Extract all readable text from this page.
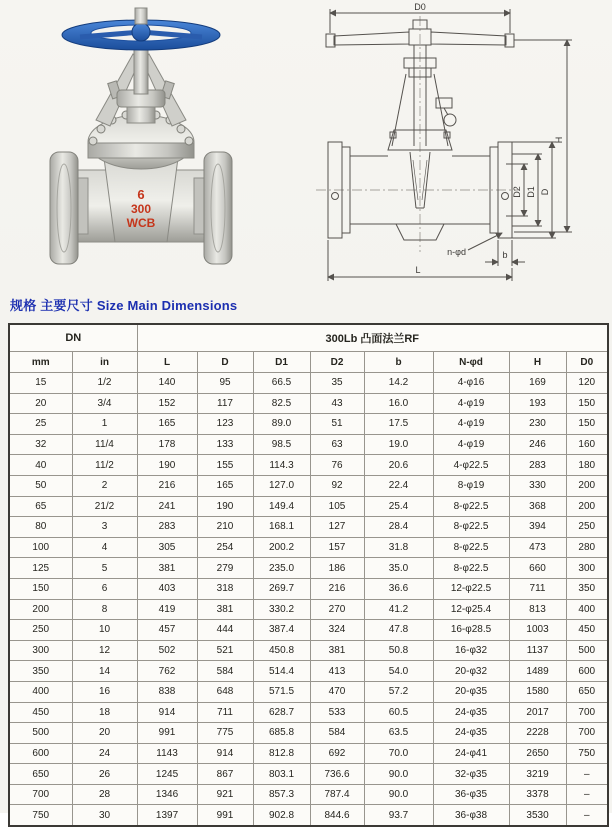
6
300
WCB
D0
H
D2 D1 D
n-φd	b
L
规格 主要尺寸 Size Main Dimensions
DN		300Lb 凸面法兰RF							
mm	in	L	D	D1	D2	b	N-φd	H	D0
15	1/2	140	95	66.5	35	14.2	4-φ16	169	120
20	3/4	152	117	82.5	43	16.0	4-φ19	193	150
25	1	165	123	89.0	51	17.5	4-φ19	230	150
32	11/4	178	133	98.5	63	19.0	4-φ19	246	160
40	11/2	190	155	114.3	76	20.6	4-φ22.5	283	180
50	2	216	165	127.0	92	22.4	8-φ19	330	200
65	21/2	241	190	149.4	105	25.4	8-φ22.5	368	200
80	3	283	210	168.1	127	28.4	8-φ22.5	394	250
100	4	305	254	200.2	157	31.8	8-φ22.5	473	280
125	5	381	279	235.0	186	35.0	8-φ22.5	660	300
150	6	403	318	269.7	216	36.6	12-φ22.5	711	350
200	8	419	381	330.2	270	41.2	12-φ25.4	813	400
250	10	457	444	387.4	324	47.8	16-φ28.5	1003	450
300	12	502	521	450.8	381	50.8	16-φ32	1137	500
350	14	762	584	514.4	413	54.0	20-φ32	1489	600
400	16	838	648	571.5	470	57.2	20-φ35	1580	650
450	18	914	711	628.7	533	60.5	24-φ35	2017	700
500	20	991	775	685.8	584	63.5	24-φ35	2228	700
600	24	1143	914	812.8	692	70.0	24-φ41	2650	750
650	26	1245	867	803.1	736.6	90.0	32-φ35	3219	–
700	28	1346	921	857.3	787.4	90.0	36-φ35	3378	–
750	30	1397	991	902.8	844.6	93.7	36-φ38	3530	–
